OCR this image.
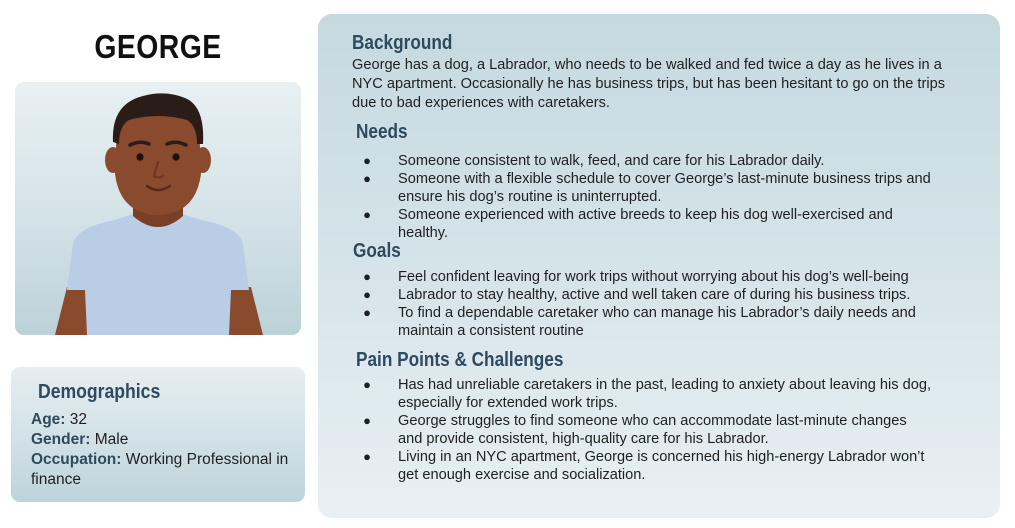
GEORGE
Demographics
Age: 32
Gender: Male
Occupation: Working Professional in finance
Background
George has a dog, a Labrador, who needs to be walked and fed twice a day as he lives in a NYC apartment. Occasionally he has business trips, but has been hesitant to go on the trips due to bad experiences with caretakers.
Needs
● Someone consistent to walk, feed, and care for his Labrador daily.
● Someone with a flexible schedule to cover George’s last-minute business trips and ensure his dog’s routine is uninterrupted.
● Someone experienced with active breeds to keep his dog well-exercised and healthy.
Goals
● Feel confident leaving for work trips without worrying about his dog’s well-being
● Labrador to stay healthy, active and well taken care of during his business trips.
● To find a dependable caretaker who can manage his Labrador’s daily needs and maintain a consistent routine
Pain Points & Challenges
● Has had unreliable caretakers in the past, leading to anxiety about leaving his dog, especially for extended work trips.
● George struggles to find someone who can accommodate last-minute changes and provide consistent, high-quality care for his Labrador.
● Living in an NYC apartment, George is concerned his high-energy Labrador won’t get enough exercise and socialization.
